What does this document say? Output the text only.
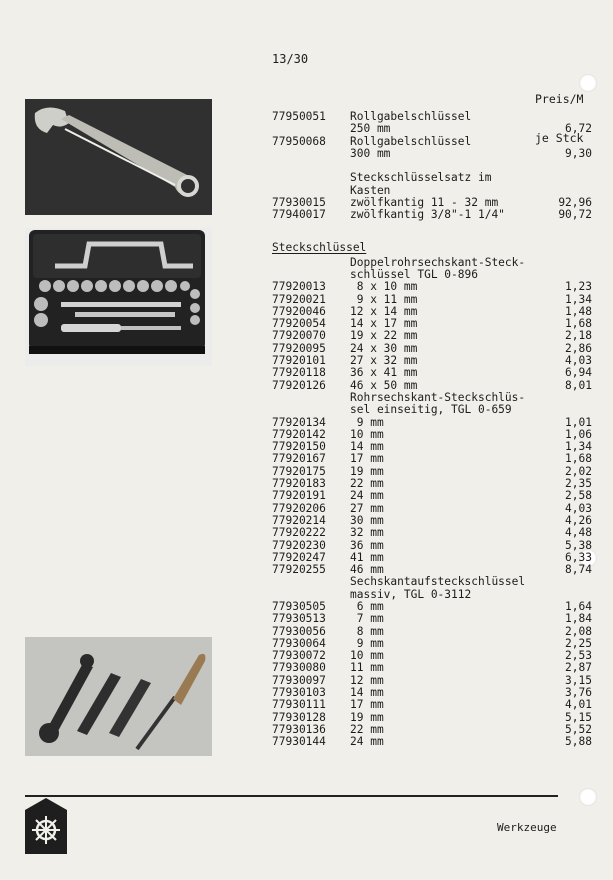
13/30

Preis/M

je Stck

77950051 Rollgabelschlüssel
250 mm	6,72
77950068 Rollgabelschlüssel
300 mm	9,30
Steckschlüsselsatz im
Kasten
77930015 zwölfkantig 11 - 32 mm	92,96
77940017 zwölfkantig 3/8"-1 1/4"	90,72
Steckschlüssel
Doppelrohrsechskant-Steck-
schlüssel TGL 0-896
77920013 8 x 10 mm	1,23
77920021 9 x 11 mm	1,34
77920046 12 x 14 mm	1,48
77920054 14 x 17 mm	1,68
77920070 19 x 22 mm	2,18
77920095 24 x 30 mm	2,86
77920101 27 x 32 mm	4,03
77920118 36 x 41 mm	6,94
77920126 46 x 50 mm	8,01
Rohrsechskant-Steckschlüs-
sel einseitig, TGL 0-659
77920134 9 mm	1,01
77920142 10 mm	1,06
77920150 14 mm	1,34
77920167 17 mm	1,68
77920175 19 mm	2,02
77920183 22 mm	2,35
77920191 24 mm	2,58
77920206 27 mm	4,03
77920214 30 mm	4,26
77920222 32 mm	4,48
77920230 36 mm	5,38
77920247 41 mm	6,33
77920255 46 mm	8,74
Sechskantaufsteckschlüssel
massiv, TGL 0-3112
77930505 6 mm	1,64
77930513 7 mm	1,84
77930056 8 mm	2,08
77930064 9 mm	2,25
77930072 10 mm	2,53
77930080 11 mm	2,87
77930097 12 mm	3,15
77930103 14 mm	3,76
77930111 17 mm	4,01
77930128 19 mm	5,15
77930136 22 mm	5,52
77930144 24 mm	5,88
Werkzeuge
